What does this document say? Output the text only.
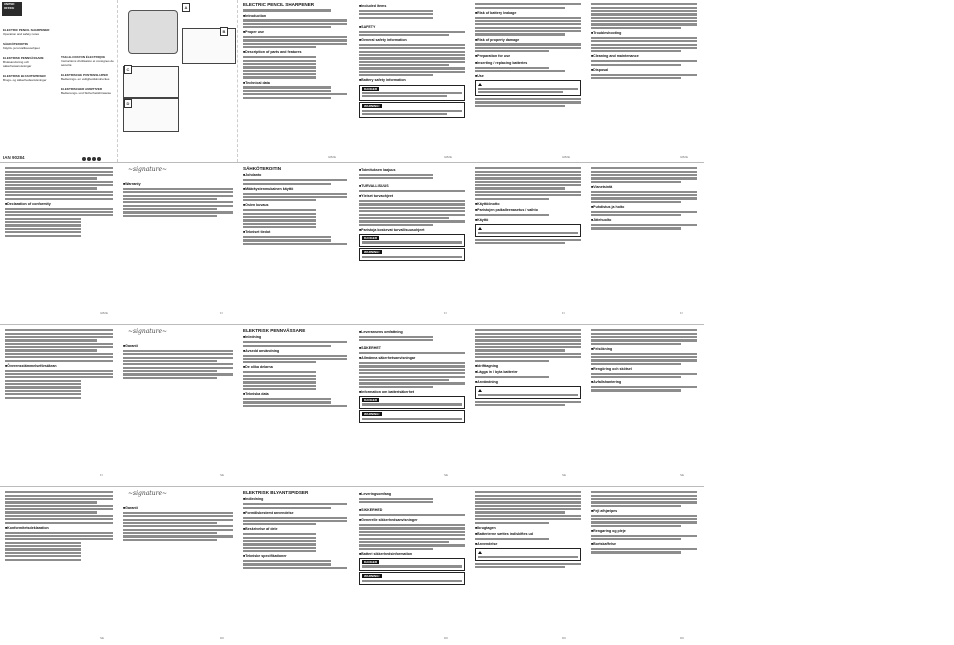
UNITED OFFICE
ELECTRIC PENCIL SHARPENER
Operation and safety notes
SÄHKÖTEROITIN
Käyttö- ja turvallisuusohjeet
ELEKTRISK PENNVÄSSARE
Bruksanvisning och säkerhetsanvisningar
ELEKTRISK BLYANTSPIDSER
Brugs- og sikkerhedsanvisninger
TAILLE-CRAYON ÉLECTRIQUE
Instructions d'utilisation et consignes de sécurité
ELEKTRISCHE PUNTENSLIJPER
Bedienings- en veiligheidsinstructies
ELEKTRISCHER ANSPITZER
Bedienungs- und Sicherheitshinweise
IAN 90284
A
C
D
B
ELECTRIC PENCIL SHARPENER
■ Introduction
■ Proper use
■ Description of parts and features
■ Technical data
■ Included items
■ SAFETY
■ General safety information
■ Battery safety information
DANGER
WARNING!
■ Risk of battery leakage
■ Risk of property damage
■ Preparation for use
■ Inserting / replacing batteries
■ Use
■ Troubleshooting
■ Cleaning and maintenance
■ Disposal
GB/IE	GB/IE	GB/IE	GB/IE
■ Declaration of conformity
~signature~
■ Warranty
SÄHKÖTEROITIN
■ Johdanto
■ Määräystenmukainen käyttö
■ Osien kuvaus
■ Tekniset tiedot
■ Toimituksen laajuus
■ TURVALLISUUS
■ Yleiset turvaohjeet
■ Paristoja koskevat turvallisuusohjeet
DANGER
WARNING!
■ Käyttöönotto
■ Paristojen paikalleenasetus / vaihto
■ Käyttö
■ Vianetsintä
■ Puhdistus ja hoito
■ Jätehuolto
GB/IE	FI	FI	FI	FI
■ Överensstämmelseförsäkran
~signature~
■ Garanti
ELEKTRISK PENNVÄSSARE
■ Inledning
■ Avsedd användning
■ De olika delarna
■ Tekniska data
■ Leveransens omfattning
■ SÄKERHET
■ Allmänna säkerhetsanvisningar
■ Information om batterisäkerhet
DANGER
WARNING!
■ Idrifttagning
■ Lägga in / byta batterier
■ Användning
■ Felsökning
■ Rengöring och skötsel
■ Avfallshantering
FI	SE	SE	SE	SE
■ Konformitetsdeklaration
~signature~
■ Garanti
ELEKTRISK BLYANTSPIDSER
■ Indledning
■ Formålsbestemt anvendelse
■ Beskrivelse af dele
■ Tekniske specifikationer
■ Leveringsomfang
■ SIKKERHED
■ Generelle sikkerhedsanvisninger
■ Batteri sikkerhedsinformation
DANGER
WARNING!
■ Ibrugtagen
■ Batterierne sættes ind/skiftes ud
■ Anvendelse
■ Fejl afhjælpes
■ Rengøring og pleje
■ Bortskaffelse
SE	DK	DK	DK	DK
